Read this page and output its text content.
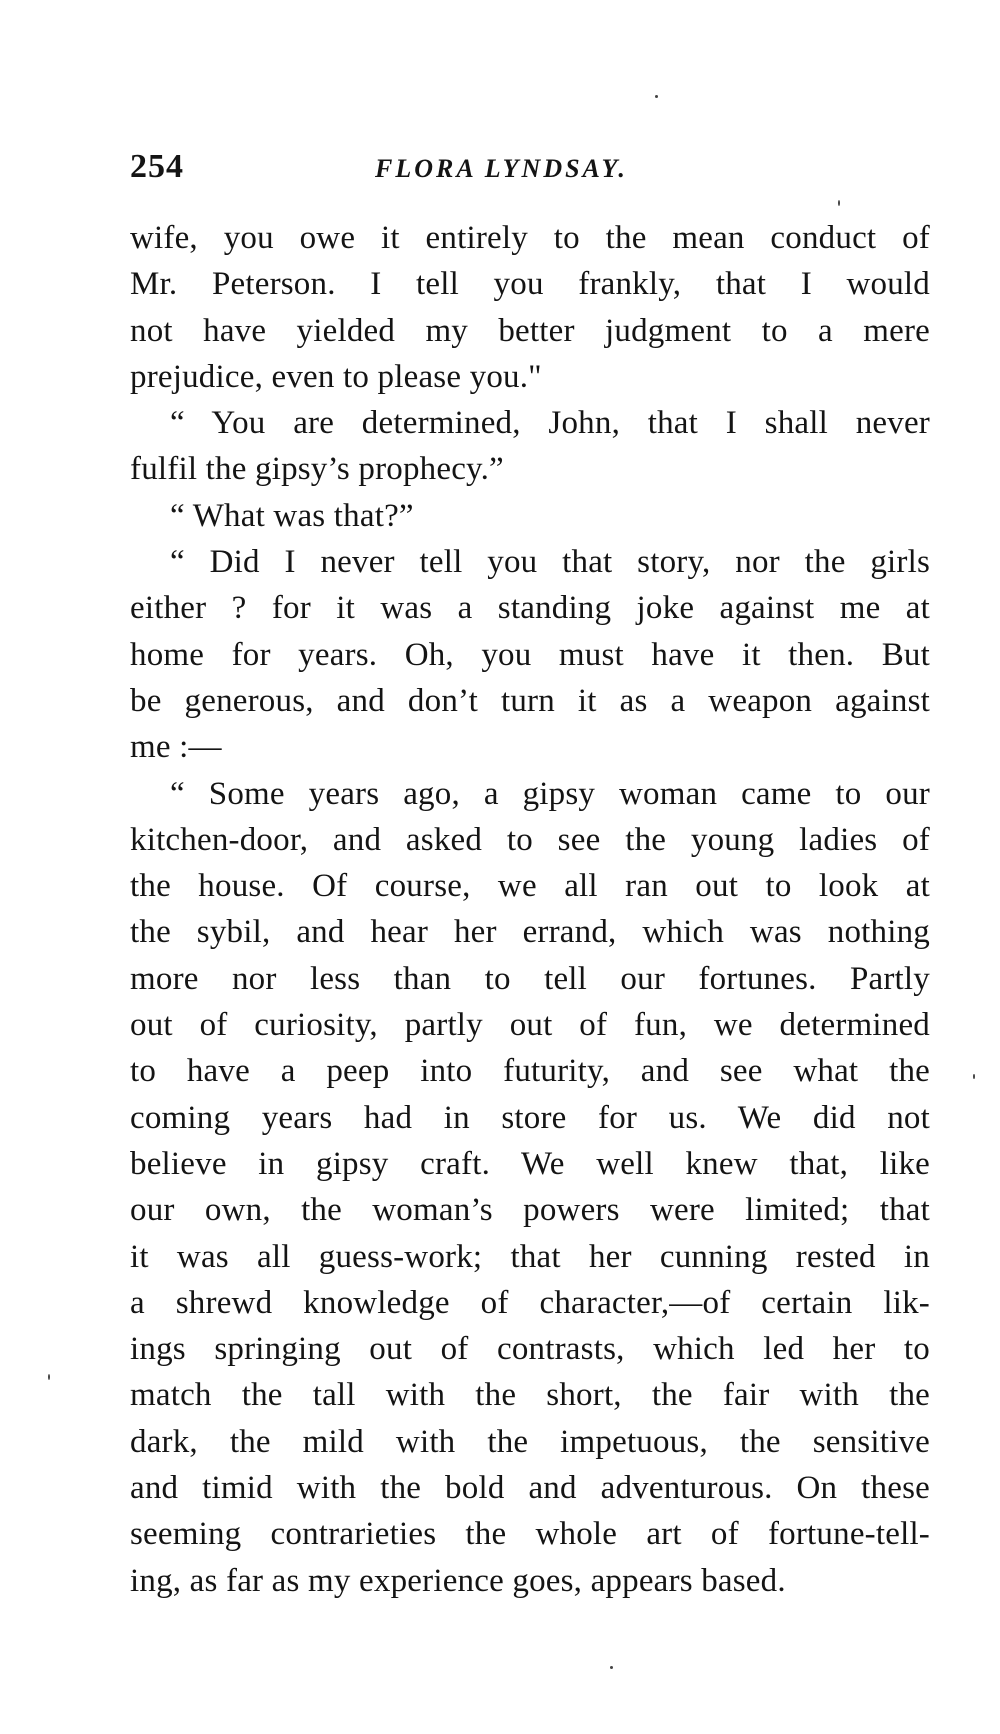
254	FLORA LYNDSAY.
wife, you owe it entirely to the mean conduct of
Mr. Peterson. I tell you frankly, that I would
not have yielded my better judgment to a mere
prejudice, even to please you."
“ You are determined, John, that I shall never
fulfil the gipsy’s prophecy.”
“ What was that?”
“ Did I never tell you that story, nor the girls
either ? for it was a standing joke against me at
home for years. Oh, you must have it then. But
be generous, and don’t turn it as a weapon against
me :—
“ Some years ago, a gipsy woman came to our
kitchen-door, and asked to see the young ladies of
the house. Of course, we all ran out to look at
the sybil, and hear her errand, which was nothing
more nor less than to tell our fortunes. Partly
out of curiosity, partly out of fun, we determined
to have a peep into futurity, and see what the
coming years had in store for us. We did not
believe in gipsy craft. We well knew that, like
our own, the woman’s powers were limited; that
it was all guess-work; that her cunning rested in
a shrewd knowledge of character,—of certain lik-
ings springing out of contrasts, which led her to
match the tall with the short, the fair with the
dark, the mild with the impetuous, the sensitive
and timid with the bold and adventurous. On these
seeming contrarieties the whole art of fortune-tell-
ing, as far as my experience goes, appears based.
